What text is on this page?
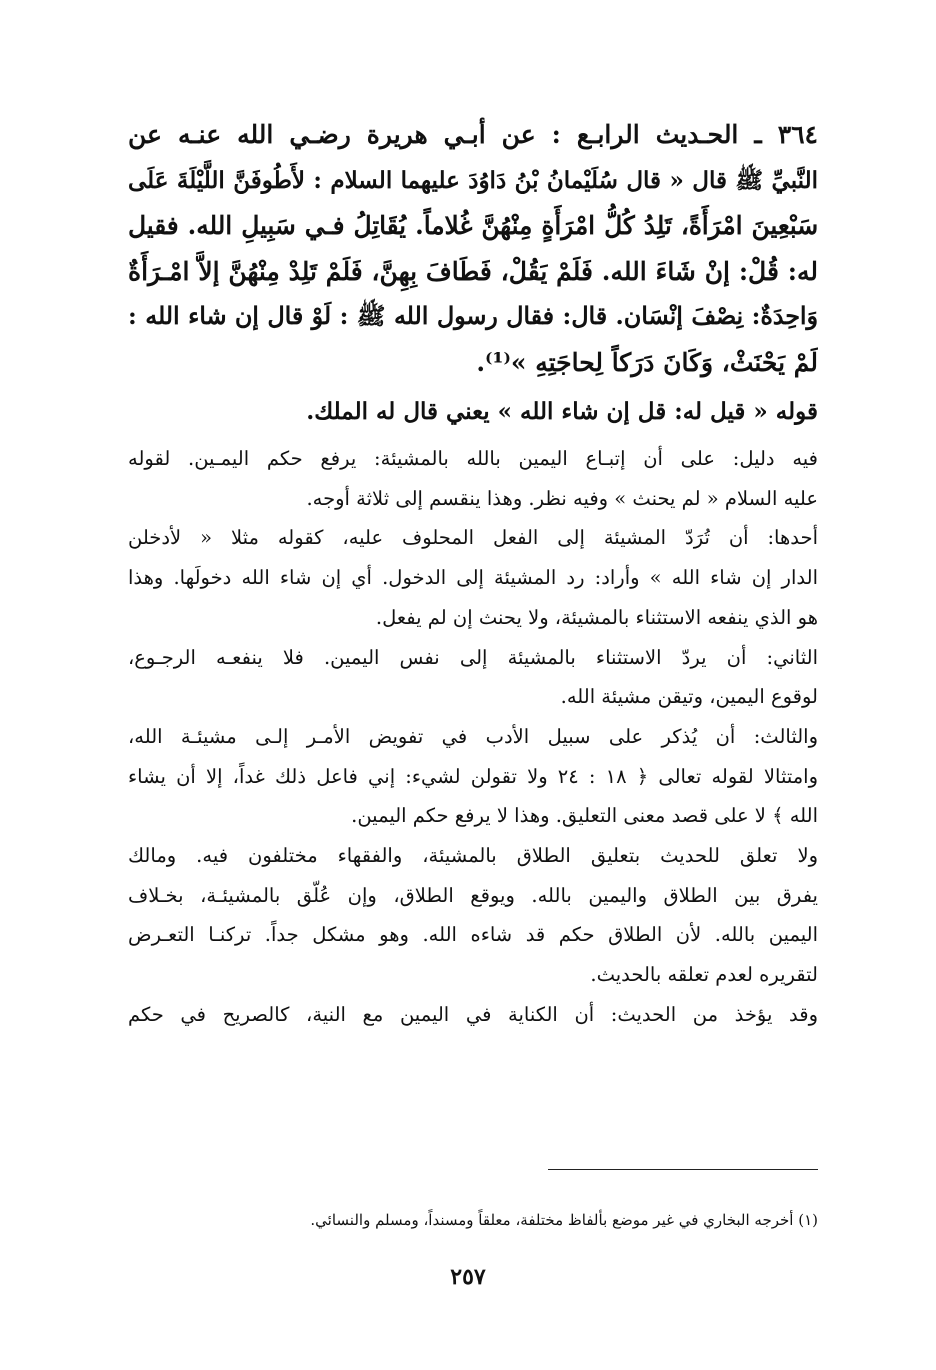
٣٦٤ ـ الحـديث الرابـع : عن أبـي هريرة رضـي الله عنـه عن
النَّبيِّ ﷺ قال « قال سُلَيْمانُ بْنُ دَاوُدَ عليهما السلام : لأَطُوفَنَّ اللَّيْلَةَ عَلَى
سَبْعِينَ امْرَأَةً، تَلِدُ كُلُّ امْرَأَةٍ مِنْهُنَّ غُلاماً. يُقَاتِلُ فـي سَبِيلِ الله. فقيل
له: قُلْ: إنْ شَاءَ الله. فَلَمْ يَقُلْ، فَطَافَ بِهِنَّ، فَلَمْ تَلِدْ مِنْهُنَّ إلاَّ امْـرَأَةٌ
وَاحِدَةٌ: نِصْفَ إنْسَان. قال: فقال رسول الله ﷺ : لَوْ قال إن شاء الله :
لَمْ يَحْنَثْ، وَكَانَ دَرَكاً لِحاجَتِهِ »⁽¹⁾.
قوله « قيل له: قل إن شاء الله » يعني قال له الملك.
فيه دليل: على أن إتبـاع اليمين بالله بالمشيئة: يرفع حكم اليمـين. لقوله
عليه السلام « لم يحنث » وفيه نظر. وهذا ينقسم إلى ثلاثة أوجه.
أحدها: أن تُرَدّ المشيئة إلى الفعل المحلوف عليه، كقوله مثلا « لأدخلن
الدار إن شاء الله » وأراد: رد المشيئة إلى الدخول. أي إن شاء الله دخولَها. وهذا
هو الذي ينفعه الاستثناء بالمشيئة، ولا يحنث إن لم يفعل.
الثاني: أن يردّ الاستثناء بالمشيئة إلى نفس اليمين. فلا ينفعـه الرجـوع،
لوقوع اليمين، وتيقن مشيئة الله.
والثالث: أن يُذكر على سبيل الأدب في تفويض الأمـر إلـى مشيئـة الله،
وامتثالا لقوله تعالى ﴿ ١٨ : ٢٤ ولا تقولن لشيء: إني فاعل ذلك غداً، إلا أن يشاء
الله ﴾ لا على قصد معنى التعليق. وهذا لا يرفع حكم اليمين.
ولا تعلق للحديث بتعليق الطلاق بالمشيئة، والفقهاء مختلفون فيه. ومالك
يفرق بين الطلاق واليمين بالله. ويوقع الطلاق، وإن عُلّق بالمشيئـة، بخـلاف
اليمين بالله. لأن الطلاق حكم قد شاءه الله. وهو مشكل جداً. تركنـا التعـرض
لتقريره لعدم تعلقه بالحديث.
وقد يؤخذ من الحديث: أن الكناية في اليمين مع النية، كالصريح في حكم
(١) أخرجه البخاري في غير موضع بألفاظ مختلفة، معلقاً ومسنداً، ومسلم والنسائي.
٢٥٧
